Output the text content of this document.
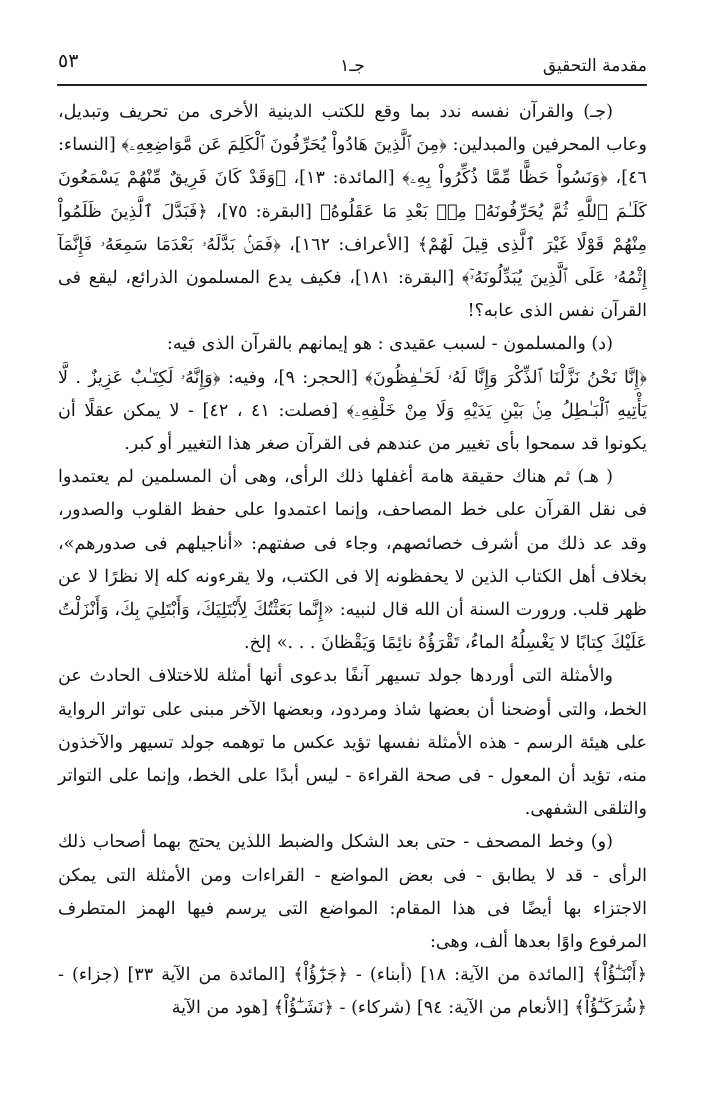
مقدمة التحقيق
جـ١
٥٣

(جـ) والقرآن نفسه ندد بما وقع للكتب الدينية الأخرى من تحريف وتبديل، وعاب المحرفين والمبدلين: ﴿مِنَ ٱلَّذِينَ هَادُواْ يُحَرِّفُونَ ٱلْكَلِمَ عَن مَّوَاضِعِهِۦ﴾ [النساء: ٤٦]، ﴿وَنَسُواْ حَظًّا مِّمَّا ذُكِّرُواْ بِهِۦ﴾ [المائدة: ١٣]، ﴿وَقَدْ كَانَ فَرِيقٌ مِّنْهُمْ يَسْمَعُونَ كَلَـٰمَ ٱللَّهِ ثُمَّ يُحَرِّفُونَهُۥ مِنۢ بَعْدِ مَا عَقَلُوهُ﴾ [البقرة: ٧٥]، ﴿فَبَدَّلَ ٱلَّذِينَ ظَلَمُواْ مِنْهُمْ قَوْلًا غَيْرَ ٱلَّذِى قِيلَ لَهُمْ﴾ [الأعراف: ١٦٢]، ﴿فَمَنۢ بَدَّلَهُۥ بَعْدَمَا سَمِعَهُۥ فَإِنَّمَآ إِثْمُهُۥ عَلَى ٱلَّذِينَ يُبَدِّلُونَهُۥٓ﴾ [البقرة: ١٨١]، فكيف يدع المسلمون الذرائع، ليقع فى القرآن نفس الذى عابه؟!

(د) والمسلمون - لسبب عقيدى : هو إيمانهم بالقرآن الذى فيه:

﴿إِنَّا نَحْنُ نَزَّلْنَا ٱلذِّكْرَ وَإِنَّا لَهُۥ لَحَـٰفِظُونَ﴾ [الحجر: ٩]، وفيه: ﴿وَإِنَّهُۥ لَكِتَـٰبٌ عَزِيزٌ . لَّا يَأْتِيهِ ٱلْبَـٰطِلُ مِنۢ بَيْنِ يَدَيْهِ وَلَا مِنْ خَلْفِهِۦ﴾ [فصلت: ٤١ ، ٤٢] - لا يمكن عقلًا أن يكونوا قد سمحوا بأى تغيير من عندهم فى القرآن صغر هذا التغيير أو كبر.

( هـ) ثم هناك حقيقة هامة أغفلها ذلك الرأى، وهى أن المسلمين لم يعتمدوا فى نقل القرآن على خط المصاحف، وإنما اعتمدوا على حفظ القلوب والصدور، وقد عد ذلك من أشرف خصائصهم، وجاء فى صفتهم: «أناجيلهم فى صدورهم»، بخلاف أهل الكتاب الذين لا يحفظونه إلا فى الكتب، ولا يقرءونه كله إلا نظرًا لا عن ظهر قلب. ورورت السنة أن الله قال لنبيه: «إِنَّما بَعَثْتُكَ لِأَبْتَلِيَكَ، وَأَبْتَلِيَ بِكَ، وَأَنْزَلْتُ عَلَيْكَ كِتابًا لا يَغْسِلُهُ الماءُ، تَقْرَؤُهُ نائِمًا وَيَقْظانَ . . .» إلخ.

والأمثلة التى أوردها جولد تسيهر آنفًا بدعوى أنها أمثلة للاختلاف الحادث عن الخط، والتى أوضحنا أن بعضها شاذ ومردود، وبعضها الآخر مبنى على تواتر الرواية على هيئة الرسم - هذه الأمثلة نفسها تؤيد عكس ما توهمه جولد تسيهر والآخذون منه، تؤيد أن المعول - فى صحة القراءة - ليس أبدًا على الخط، وإنما على التواتر والتلقى الشفهى.

(و) وخط المصحف - حتى بعد الشكل والضبط اللذين يحتج بهما أصحاب ذلك الرأى - قد لا يطابق - فى بعض المواضع - القراءات ومن الأمثلة التى يمكن الاجتزاء بها أيضًا فى هذا المقام: المواضع التى يرسم فيها الهمز المتطرف المرفوع واوًا بعدها ألف، وهى:

﴿أَبْنَـٰٓؤُاْ﴾ [المائدة من الآية: ١٨] (أبناء) - ﴿جَزَٰٓؤُاْ﴾ [المائدة من الآية ٣٣] (جزاء) - ﴿شُرَكَـٰٓؤُاْ﴾ [الأنعام من الآية: ٩٤] (شركاء) - ﴿نَشَـٰٓؤُاْ﴾ [هود من الآية
